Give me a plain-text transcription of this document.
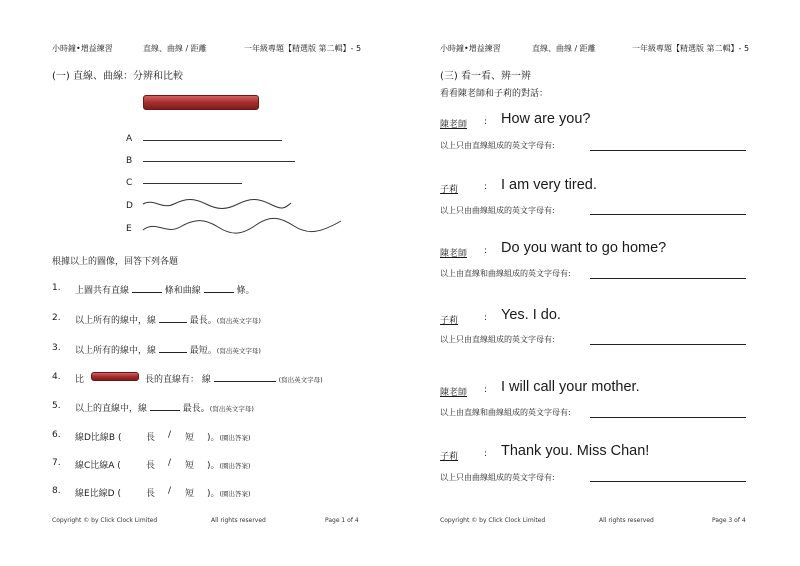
小時鐘•增益練習	直線、曲線 / 距離	一年級專題【精選版 第二輯】- 5
(一) 直線、曲線：分辨和比較
A
B
C
D
E
根據以上的圖像，回答下列各題
1. 上圖共有直線	條和曲線	條。
2. 以上所有的線中，線	最長。(寫出英文字母)
3. 以上所有的線中，線	最短。(寫出英文字母)
4. 比	長的直線有： 線	(寫出英文字母)
5. 以上的直線中，線	最長。(寫出英文字母)
6. 線D比線B (	長 / 短 )。(圈出答案)
7. 線C比線A (	長 / 短 )。(圈出答案)
8. 線E比線D (	長 / 短 )。(圈出答案)
Copyright © by Click Clock Limited	All rights reserved	Page 1 of 4
小時鐘•增益練習	直線、曲線 / 距離	一年級專題【精選版 第二輯】- 5
(三) 看一看、辨一辨
看看陳老師和子莉的對話：
陳老師 : How are you?
以上只由直線組成的英文字母有:
子莉	: I am very tired.
以上只由曲線組成的英文字母有:
陳老師 : Do you want to go home?
以上由直線和曲線組成的英文字母有:
子莉	: Yes. I do.
以上只由直線組成的英文字母有:
陳老師 : I will call your mother.
以上由直線和曲線組成的英文字母有:
子莉	: Thank you. Miss Chan!
以上只由曲線組成的英文字母有:
Copyright © by Click Clock Limited	All rights reserved	Page 3 of 4
